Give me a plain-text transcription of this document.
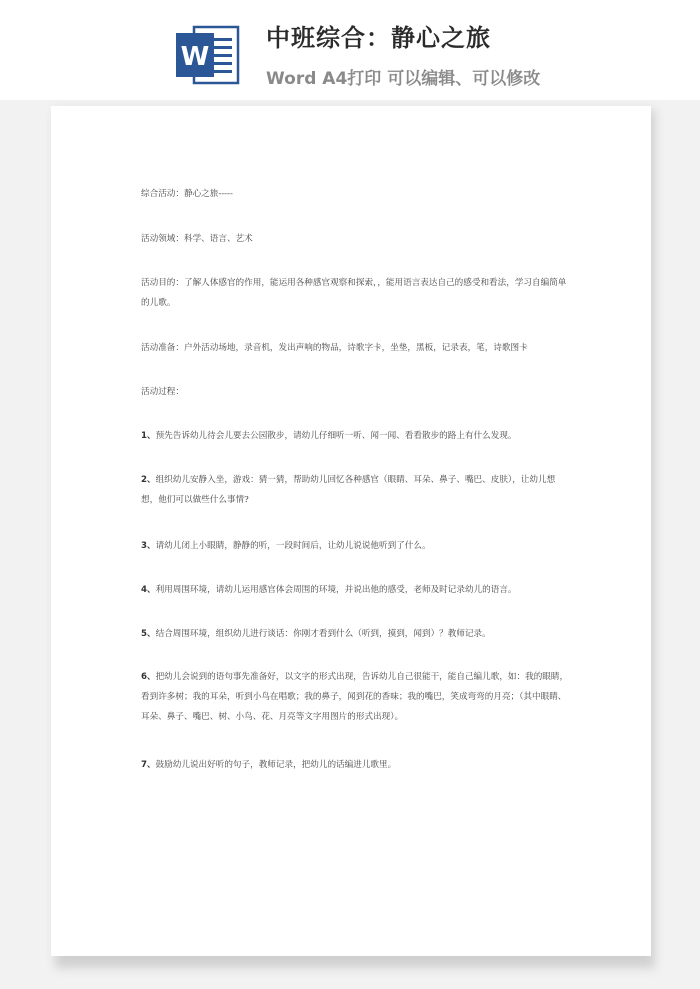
W
中班综合：静心之旅
Word A4打印 可以编辑、可以修改

综合活动：静心之旅-----

活动领域：科学、语言、艺术

活动目的：了解人体感官的作用，能运用各种感官观察和探索，，能用语言表达自己的感受和看法，学习自编简单的儿歌。

活动准备：户外活动场地，录音机，发出声响的物品，诗歌字卡，坐垫，黑板，记录表，笔，诗歌图卡

活动过程：

1、预先告诉幼儿待会儿要去公园散步，请幼儿仔细听一听、闻一闻、看看散步的路上有什么发现。

2、组织幼儿安静入坐，游戏：猜一猜，帮助幼儿回忆各种感官（眼睛、耳朵、鼻子、嘴巴、皮肤），让幼儿想想，他们可以做些什么事情?

3、请幼儿闭上小眼睛，静静的听，一段时间后，让幼儿说说他听到了什么。

4、利用周围环境，请幼儿运用感官体会周围的环境，并说出他的感受，老师及时记录幼儿的语言。

5、结合周围环境，组织幼儿进行谈话：你刚才看到什么（听到，摸到，闻到）？教师记录。

6、把幼儿会说到的语句事先准备好，以文字的形式出现，告诉幼儿自己很能干，能自己编儿歌，如：我的眼睛，看到许多树；我的耳朵，听到小鸟在唱歌；我的鼻子，闻到花的香味；我的嘴巴，笑成弯弯的月亮；（其中眼睛、耳朵、鼻子、嘴巴、树、小鸟、花、月亮等文字用图片的形式出现）。

7、鼓励幼儿说出好听的句子，教师记录，把幼儿的话编进儿歌里。
